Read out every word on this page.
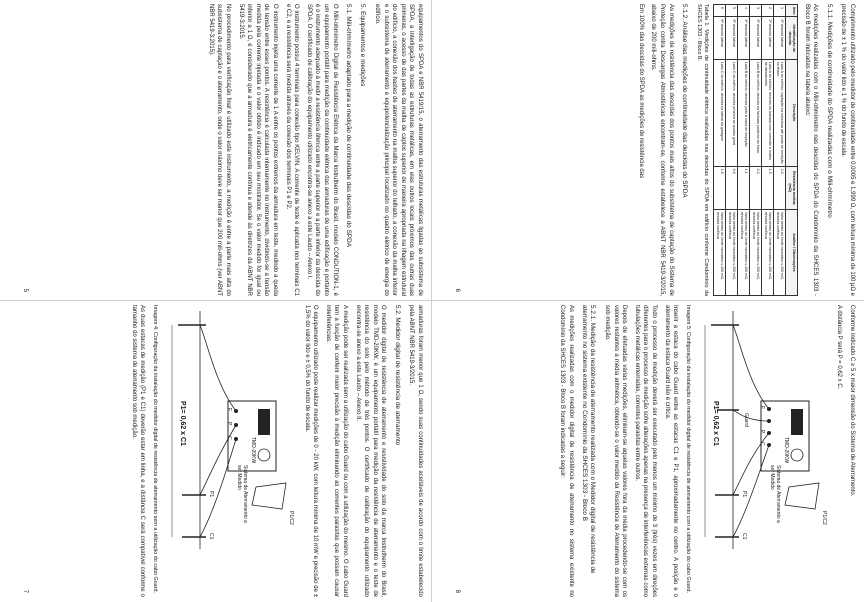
equipamentos do SPDA e NBR 5419/15, o aterramento das estruturas metálicas ligadas ao subsistema de SPDA, a interligação de todas as estruturas metálicas, em elas outros locais próximos das outras duas primeiras, o acesso de das partes da malha de captos superior de maneira apropriada na ilhagem estrutural do edifício, a conexão dos hastes de aterramento na malha superior do telhado, a conexão da malha inferior e o subsistema de aterramento e equipotencialização principal localizado no quadro elétrico de energia do edifício.

5. Equipamentos e medições
5.1. Mili-ohmímetro adaptado para a medição de continuidade das descidas do SPDA

O Mili-ohmímetro Digital de Resistência Elétrica da Marca Instrutherm do Brasil, modelo CONDUTION-1, é um equipamento portátil para medição da continuidade elétrica das armaduras de uma edificação e portanto é o instrumento adequado à medir a resistência ôhmica entre a parte superior e a parte inferior da descida do SPDA. O certificado de calibração do equipamento utilizado encontra-se anexo a este Laudo – Anexo I.

O instrumento possui 4 terminais para conexão tipo KELVIN. A corrente de teste é aplicada nos terminais C1 e C2, e a resistência será medida através da conexão dos terminais P1 e P2.

O instrumento injeta uma corrente de 1 A entre os pontos extremos da armadura em teste, medindo a queda de tensão entre esses pontos. A resistência é calculada internamente no instrumento, dividindo-se a tensão medida pela corrente injetada e o valor obtido é indicado em seu mostrador. Se o valor medido for igual ou inferior a 1 Ω, é considerado que a armadura é eletricamente contínua e atende às diretrizes da ABNT NBR 5419-3:2015.

No procedimento para verificação final é utilizado este instrumento, a medição é entre a parte mais alta do subsistema de captação e o aterramento, onde o valor máximo deve ser menor que 200 mili-ohms (ver ABNT NBR 5419-3:2015).

5	Comprimento utilizado pelo medidor de continuidade entre 0,0005 e 1,999 Ω, com leitura mínima de 100 μΩ e precisão de ± 1 % do valor lido e 1 % do fundo de escala.

5.1.1. Medições de continuidade do SPDA realizadas com o Mili-ohmímetro

As medições realizadas com o Mili-ohmímetro nas descidas do SPDA do Condomínio da SHCES 1303 - Bloco B foram indicadas na tabela abaixo:

Item	Identificação da descida	Descrição	Resistência medida (mΩ)	Análise / Observações
1	1ª descida lateral	Lado A do edifício, captação na cobertura até ponto de medição no térreo	2,0	Valor dentro do limite normativo ≤ 200 mΩ, descida contínua
2	2ª descida lateral	Lado A do edifício, descida na fachada com conexão à malha de aterramento	1,5	Valor dentro do limite normativo ≤ 200 mΩ, descida contínua
3	3ª descida lateral	Lado B do edifício, descida na fachada posterior do bloco	0,2	Valor dentro do limite normativo ≤ 200 mΩ, descida contínua
4	4ª descida lateral	Lado B do edifício, descida junto à caixa de inspeção	1,1	Valor dentro do limite normativo ≤ 200 mΩ, descida contínua
5	5ª descida lateral	Lado C do edifício, descida próxima ao quadro geral	0,8	Valor dentro do limite normativo ≤ 200 mΩ, descida contínua
6	6ª descida lateral	Lado C do edifício, descida na lateral da garagem	1,8	Valor dentro do limite normativo ≤ 200 mΩ, descida contínua

Tabela 1: Medições de continuidade elétrica realizadas nas descidas do SPDA em edifício conforme Condomínio da SHCES 1303 - Bloco B.

5.1.2. Análise das medições de continuidade das descidas do SPDA

As medições de resistência das descidas dos pontos mais altos do subsistema de captação do Sistema de Proteção contra Descargas Atmosféricas encontram-se, conforme estabelece a ABNT NBR 5419-3/2015, abaixo de 200 mili-ohms.

Em 100% das descidas do SPDA as medições de resistência das

6

armaduras foram menor que 1 Ω, sendo suas continuidades aceitáveis de acordo com o limite estabelecido pela ABNT NBR 5419-3/2015.

5.2. Medidor digital de resistência de aterramento

O medidor digital de resistência de aterramento e resistividade do solo da marca Instrutherm do Brasil, modelo TMD-20KW, é um equipamento portátil para medição da resistência de aterramento e o teste de resistência do solo pelo método de três pontos. O certificado de calibração do equipamento utilizado encontra-se anexo a este Laudo – Anexo II.

A medição pode ser realizada sem a utilização do cabo Guard ou com a utilização do mesmo. O cabo Guard tem a função de conferir maior precisão à medição eliminando as correntes parasitas que possam causar interferências.

O equipamento utilizado pode realizar medições de 0 - 20 kW, com leitura mínima de 10 mW e precisão de ± 1,5% do valor lido e ± 0,5% do fundo de escala.

TMD-20KW
E
P
C
P1
C1
P1/C2
Sistema de Aterramento a ser Medido
P1= 0,62 x C1

Imagem 4: Configuração da instalação do medidor digital de resistência de aterramento sem a utilização do cabo Guard.

As duas estacas de medição (P1 e C1) deverão estar em linha, e a distância C será compatível conforme o tamanho do sistema de aterramento sob medição.

7

Conforme indicado C ≥ 5 x maior dimensão do Sistema de Aterramento.

A distância P será P = 0,62 x C.

TMD-20KW
E
Guard
P
C
P1
C1
P1/C2
Sistema de Aterramento a ser Medido
P1= 0,62 x C1

Imagem 5: Configuração da instalação do medidor digital de resistência de aterramento com a utilização do cabo Guard.

Inserir a estaca do cabo Guard entre as estacas C1 e P1, aproximadamente no centro. A posição e o aterramento da estaca Guard não é crítica.

Todo o processo de medição deverá ser executado pelo menos um mínimo de 3 (três) vezes em direções diferentes para o processo de medição sofre alterações apenas na presença de interferências externas como tubulações metálicas enterradas, correntes parasitas entre outros.

Depois de efetuadas várias medições, eliminam-se aquelas valores fora da média procedendo-se com os valores restantes a média aritmética, obtendo-se o valor medido da Resistência de Aterramento do sistema sob medição.

5.2.1. Medição da resistência de aterramento realizada com o Medidor digital de resistência de aterramento no sistema existente no Condomínio da SHCES 1303 - Bloco B

As medições realizadas com o medidor digital de resistência de aterramento no sistema existente no Condomínio da SHCES 1303 - Bloco B foram indicadas a seguir:

8
